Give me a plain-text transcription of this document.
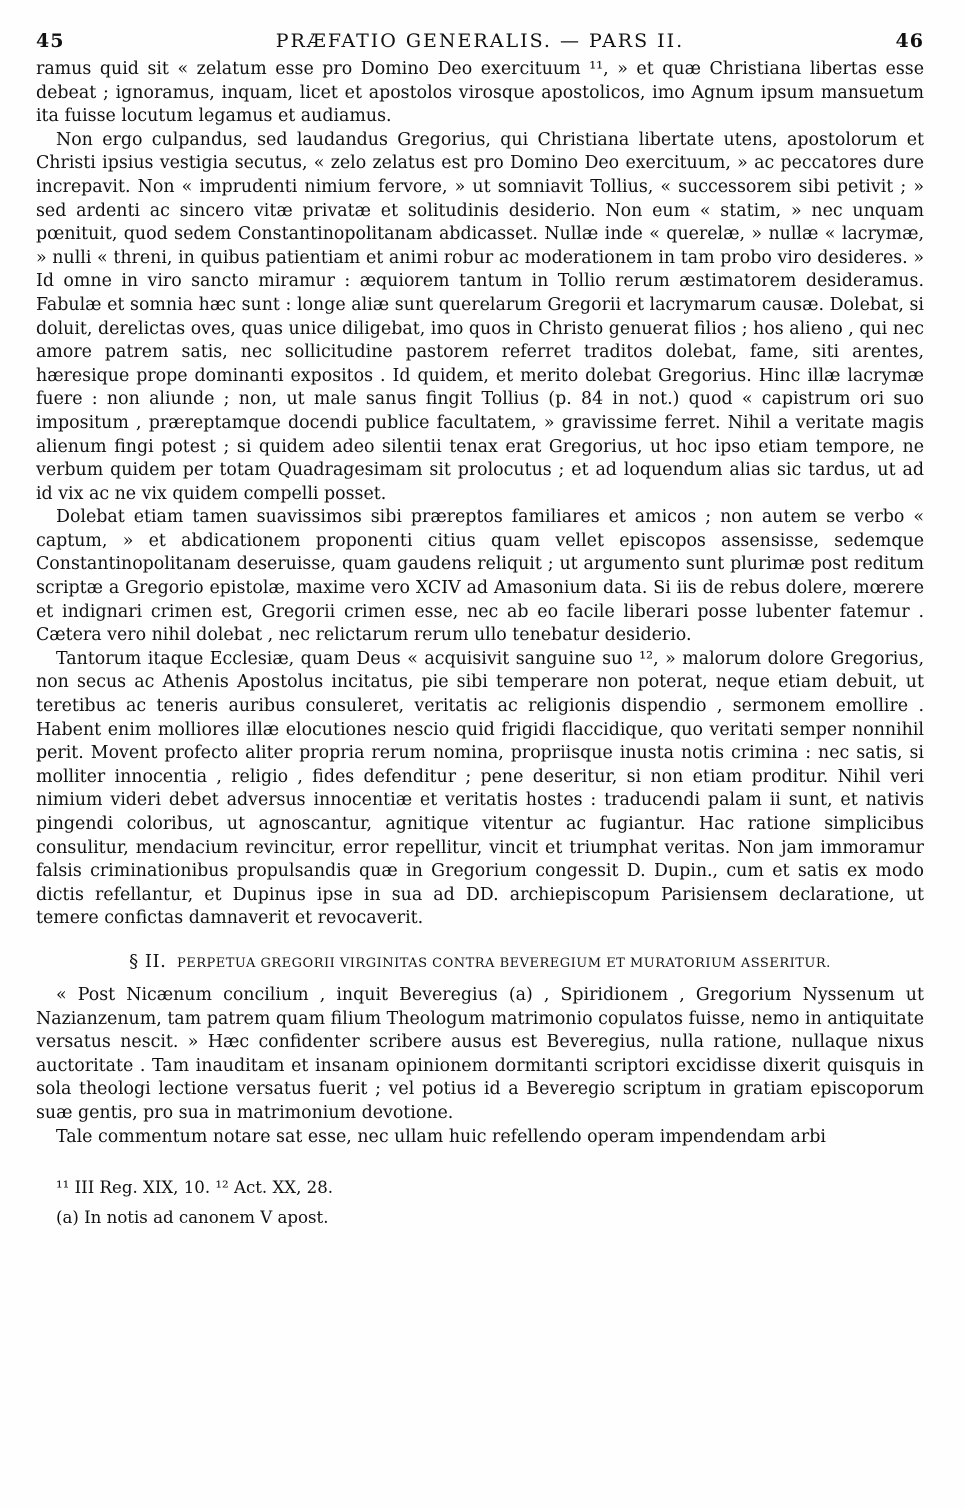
45	PRÆFATIO GENERALIS. — PARS II.	46

ramus quid sit « zelatum esse pro Domino Deo exercituum ¹¹, » et quæ Christiana libertas esse debeat ; ignoramus, inquam, licet et apostolos virosque apostolicos, imo Agnum ipsum mansuetum ita fuisse locutum legamus et audiamus.

Non ergo culpandus, sed laudandus Gregorius, qui Christiana libertate utens, apostolorum et Christi ipsius vestigia secutus, « zelo zelatus est pro Domino Deo exercituum, » ac peccatores dure increpavit. Non « imprudenti nimium fervore, » ut somniavit Tollius, « successorem sibi petivit ; » sed ardenti ac sincero vitæ privatæ et solitudinis desiderio. Non eum « statim, » nec unquam pœnituit, quod sedem Constantinopolitanam abdicasset. Nullæ inde « querelæ, » nullæ « lacrymæ, » nulli « threni, in quibus patientiam et animi robur ac moderationem in tam probo viro desideres. » Id omne in viro sancto miramur : æquiorem tantum in Tollio rerum æstimatorem desideramus. Fabulæ et somnia hæc sunt : longe aliæ sunt querelarum Gregorii et lacrymarum causæ. Dolebat, si doluit, derelictas oves, quas unice diligebat, imo quos in Christo genuerat filios ; hos alieno , qui nec amore patrem satis, nec sollicitudine pastorem referret traditos dolebat, fame, siti arentes, hæresique prope dominanti expositos . Id quidem, et merito dolebat Gregorius. Hinc illæ lacrymæ fuere : non aliunde ; non, ut male sanus fingit Tollius (p. 84 in not.) quod « capistrum ori suo impositum , præreptamque docendi publice facultatem, » gravissime ferret. Nihil a veritate magis alienum fingi potest ; si quidem adeo silentii tenax erat Gregorius, ut hoc ipso etiam tempore, ne verbum quidem per totam Quadragesimam sit prolocutus ; et ad loquendum alias sic tardus, ut ad id vix ac ne vix quidem compelli posset.

Dolebat etiam tamen suavissimos sibi præreptos familiares et amicos ; non autem se verbo « captum, » et abdicationem proponenti citius quam vellet episcopos assensisse, sedemque Constantinopolitanam deseruisse, quam gaudens reliquit ; ut argumento sunt plurimæ post reditum scriptæ a Gregorio epistolæ, maxime vero XCIV ad Amasonium data. Si iis de rebus dolere, mœrere et indignari crimen est, Gregorii crimen esse, nec ab eo facile liberari posse lubenter fatemur . Cætera vero nihil dolebat , nec relictarum rerum ullo tenebatur desiderio.

Tantorum itaque Ecclesiæ, quam Deus « acquisivit sanguine suo ¹², » malorum dolore Gregorius, non secus ac Athenis Apostolus incitatus, pie sibi temperare non poterat, neque etiam debuit, ut teretibus ac teneris auribus consuleret, veritatis ac religionis dispendio , sermonem emollire . Habent enim molliores illæ elocutiones nescio quid frigidi flaccidique, quo veritati semper nonnihil perit. Movent profecto aliter propria rerum nomina, propriisque inusta notis crimina : nec satis, si molliter innocentia , religio , fides defenditur ; pene deseritur, si non etiam proditur. Nihil veri nimium videri debet adversus innocentiæ et veritatis hostes : traducendi palam ii sunt, et nativis pingendi coloribus, ut agnoscantur, agnitique vitentur ac fugiantur. Hac ratione simplicibus consulitur, mendacium revincitur, error repellitur, vincit et triumphat veritas. Non jam immoramur falsis criminationibus propulsandis quæ in Gregorium congessit D. Dupin., cum et satis ex modo dictis refellantur, et Dupinus ipse in sua ad DD. archiepiscopum Parisiensem declaratione, ut temere confictas damnaverit et revocaverit.

§ II. PERPETUA GREGORII VIRGINITAS CONTRA BEVEREGIUM ET MURATORIUM ASSERITUR.

« Post Nicænum concilium , inquit Beveregius (a) , Spiridionem , Gregorium Nyssenum ut Nazianzenum, tam patrem quam filium Theologum matrimonio copulatos fuisse, nemo in antiquitate versatus nescit. » Hæc confidenter scribere ausus est Beveregius, nulla ratione, nullaque nixus auctoritate . Tam inauditam et insanam opinionem dormitanti scriptori excidisse dixerit quisquis in sola theologi lectione versatus fuerit ; vel potius id a Beveregio scriptum in gratiam episcoporum suæ gentis, pro sua in matrimonium devotione.

Tale commentum notare sat esse, nec ullam huic refellendo operam impendendam arbi

¹¹ III Reg. XIX, 10. ¹² Act. XX, 28.
(a) In notis ad canonem V apost.
